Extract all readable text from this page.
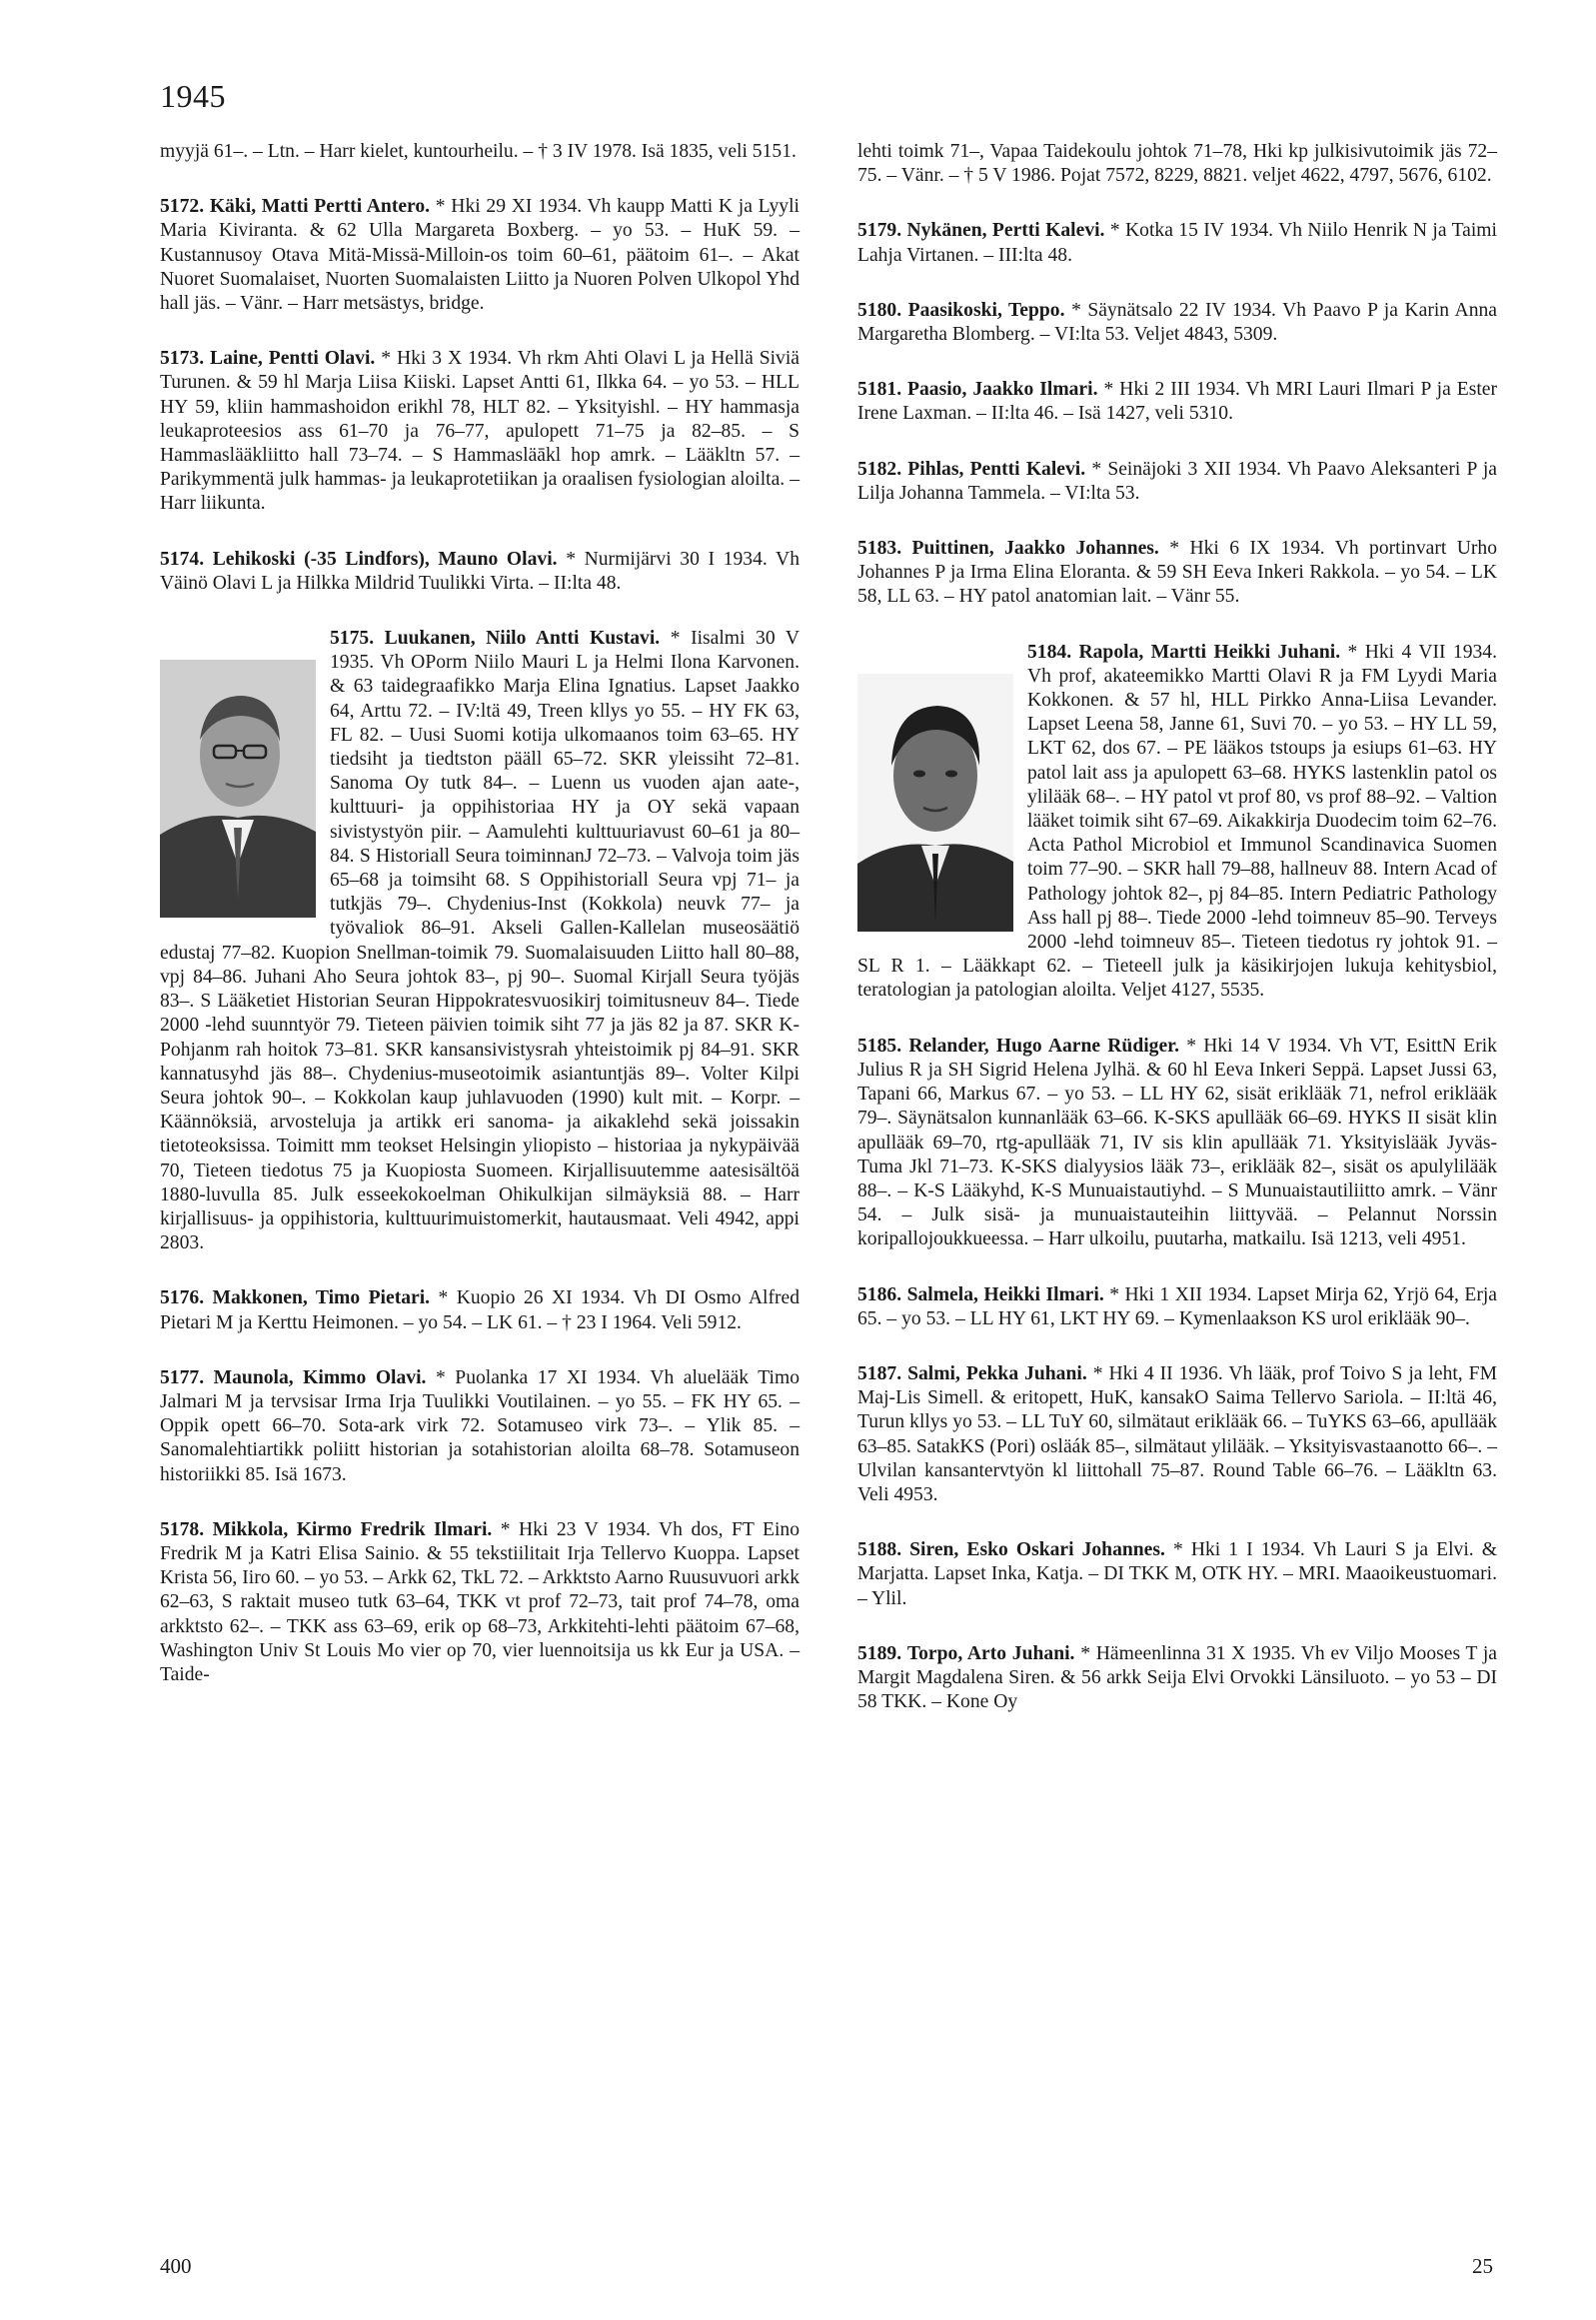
1945

myyjä 61–. – Ltn. – Harr kielet, kuntourheilu. – † 3 IV 1978. Isä 1835, veli 5151.

5172. Käki, Matti Pertti Antero. * Hki 29 XI 1934. Vh kaupp Matti K ja Lyyli Maria Kiviranta. & 62 Ulla Margareta Boxberg. – yo 53. – HuK 59. – Kustannusoy Otava Mitä-Missä-Milloin-os toim 60–61, päätoim 61–. – Akat Nuoret Suomalaiset, Nuorten Suomalaisten Liitto ja Nuoren Polven Ulkopol Yhd hall jäs. – Vänr. – Harr metsästys, bridge.

5173. Laine, Pentti Olavi. * Hki 3 X 1934. Vh rkm Ahti Olavi L ja Hellä Siviä Turunen. & 59 hl Marja Liisa Kiiski. Lapset Antti 61, Ilkka 64. – yo 53. – HLL HY 59, kliin hammashoidon erikhl 78, HLT 82. – Yksityishl. – HY hammasja leukaproteesios ass 61–70 ja 76–77, apulopett 71–75 ja 82–85. – S Hammaslääkliitto hall 73–74. – S Hammasläākl hop amrk. – Lääkltn 57. – Parikymmentä julk hammas- ja leukaprotetiikan ja oraalisen fysiologian aloilta. – Harr liikunta.

5174. Lehikoski (-35 Lindfors), Mauno Olavi. * Nurmijärvi 30 I 1934. Vh Väinö Olavi L ja Hilkka Mildrid Tuulikki Virta. – II:lta 48.

5175. Luukanen, Niilo Antti Kustavi. * Iisalmi 30 V 1935. Vh OPorm Niilo Mauri L ja Helmi Ilona Karvonen. & 63 taidegraafikko Marja Elina Ignatius. Lapset Jaakko 64, Arttu 72. – IV:ltä 49, Treen kllys yo 55. – HY FK 63, FL 82. – Uusi Suomi kotija ulkomaanos toim 63–65. HY tiedsiht ja tiedtston pääll 65–72. SKR yleissiht 72–81. Sanoma Oy tutk 84–. – Luenn us vuoden ajan aate-, kulttuuri- ja oppihistoriaa HY ja OY sekä vapaan sivistystyön piir. – Aamulehti kulttuuriavust 60–61 ja 80–84. S Historiall Seura toiminnanJ 72–73. – Valvoja toim jäs 65–68 ja toimsiht 68. S Oppihistoriall Seura vpj 71– ja tutkjäs 79–. Chydenius-Inst (Kokkola) neuvk 77– ja työvaliok 86–91. Akseli Gallen-Kallelan museosäätiö edustaj 77–82. Kuopion Snellman-toimik 79. Suomalaisuuden Liitto hall 80–88, vpj 84–86. Juhani Aho Seura johtok 83–, pj 90–. Suomal Kirjall Seura työjäs 83–. S Lääketiet Historian Seuran Hippokratesvuosikirj toimitusneuv 84–. Tiede 2000 -lehd suunntyör 79. Tieteen päivien toimik siht 77 ja jäs 82 ja 87. SKR K-Pohjanm rah hoitok 73–81. SKR kansansivistysrah yhteistoimik pj 84–91. SKR kannatusyhd jäs 88–. Chydenius-museotoimik asiantuntjäs 89–. Volter Kilpi Seura johtok 90–. – Kokkolan kaup juhlavuoden (1990) kult mit. – Korpr. – Käännöksiä, arvosteluja ja artikk eri sanoma- ja aikaklehd sekä joissakin tietoteoksissa. Toimitt mm teokset Helsingin yliopisto – historiaa ja nykypäivää 70, Tieteen tiedotus 75 ja Kuopiosta Suomeen. Kirjallisuutemme aatesisältöä 1880-luvulla 85. Julk esseekokoelman Ohikulkijan silmäyksiä 88. – Harr kirjallisuus- ja oppihistoria, kulttuurimuistomerkit, hautausmaat. Veli 4942, appi 2803.

5176. Makkonen, Timo Pietari. * Kuopio 26 XI 1934. Vh DI Osmo Alfred Pietari M ja Kerttu Heimonen. – yo 54. – LK 61. – † 23 I 1964. Veli 5912.

5177. Maunola, Kimmo Olavi. * Puolanka 17 XI 1934. Vh aluelääk Timo Jalmari M ja tervsisar Irma Irja Tuulikki Voutilainen. – yo 55. – FK HY 65. – Oppik opett 66–70. Sota-ark virk 72. Sotamuseo virk 73–. – Ylik 85. – Sanomalehtiartikk poliitt historian ja sotahistorian aloilta 68–78. Sotamuseon historiikki 85. Isä 1673.

5178. Mikkola, Kirmo Fredrik Ilmari. * Hki 23 V 1934. Vh dos, FT Eino Fredrik M ja Katri Elisa Sainio. & 55 tekstiilitait Irja Tellervo Kuoppa. Lapset Krista 56, Iiro 60. – yo 53. – Arkk 62, TkL 72. – Arkktsto Aarno Ruusuvuori arkk 62–63, S raktait museo tutk 63–64, TKK vt prof 72–73, tait prof 74–78, oma arkktsto 62–. – TKK ass 63–69, erik op 68–73, Arkkitehti-lehti päätoim 67–68, Washington Univ St Louis Mo vier op 70, vier luennoitsija us kk Eur ja USA. – Taide-

lehti toimk 71–, Vapaa Taidekoulu johtok 71–78, Hki kp julkisivutoimik jäs 72–75. – Vänr. – † 5 V 1986. Pojat 7572, 8229, 8821. veljet 4622, 4797, 5676, 6102.

5179. Nykänen, Pertti Kalevi. * Kotka 15 IV 1934. Vh Niilo Henrik N ja Taimi Lahja Virtanen. – III:lta 48.

5180. Paasikoski, Teppo. * Säynätsalo 22 IV 1934. Vh Paavo P ja Karin Anna Margaretha Blomberg. – VI:lta 53. Veljet 4843, 5309.

5181. Paasio, Jaakko Ilmari. * Hki 2 III 1934. Vh MRI Lauri Ilmari P ja Ester Irene Laxman. – II:lta 46. – Isä 1427, veli 5310.

5182. Pihlas, Pentti Kalevi. * Seinäjoki 3 XII 1934. Vh Paavo Aleksanteri P ja Lilja Johanna Tammela. – VI:lta 53.

5183. Puittinen, Jaakko Johannes. * Hki 6 IX 1934. Vh portinvart Urho Johannes P ja Irma Elina Eloranta. & 59 SH Eeva Inkeri Rakkola. – yo 54. – LK 58, LL 63. – HY patol anatomian lait. – Vänr 55.

5184. Rapola, Martti Heikki Juhani. * Hki 4 VII 1934. Vh prof, akateemikko Martti Olavi R ja FM Lyydi Maria Kokkonen. & 57 hl, HLL Pirkko Anna-Liisa Levander. Lapset Leena 58, Janne 61, Suvi 70. – yo 53. – HY LL 59, LKT 62, dos 67. – PE lääkos tstoups ja esiups 61–63. HY patol lait ass ja apulopett 63–68. HYKS lastenklin patol os ylilääk 68–. – HY patol vt prof 80, vs prof 88–92. – Valtion lääket toimik siht 67–69. Aikakkirja Duodecim toim 62–76. Acta Pathol Microbiol et Immunol Scandinavica Suomen toim 77–90. – SKR hall 79–88, hallneuv 88. Intern Acad of Pathology johtok 82–, pj 84–85. Intern Pediatric Pathology Ass hall pj 88–. Tiede 2000 -lehd toimneuv 85–90. Terveys 2000 -lehd toimneuv 85–. Tieteen tiedotus ry johtok 91. – SL R 1. – Lääkkapt 62. – Tieteell julk ja käsikirjojen lukuja kehitysbiol, teratologian ja patologian aloilta. Veljet 4127, 5535.

5185. Relander, Hugo Aarne Rüdiger. * Hki 14 V 1934. Vh VT, EsittN Erik Julius R ja SH Sigrid Helena Jylhä. & 60 hl Eeva Inkeri Seppä. Lapset Jussi 63, Tapani 66, Markus 67. – yo 53. – LL HY 62, sisät eriklääk 71, nefrol eriklääk 79–. Säynätsalon kunnanlääk 63–66. K-SKS apullääk 66–69. HYKS II sisät klin apullääk 69–70, rtg-apullääk 71, IV sis klin apullääk 71. Yksityislääk Jyväs-Tuma Jkl 71–73. K-SKS dialyysios lääk 73–, eriklääk 82–, sisät os apulylilääk 88–. – K-S Lääkyhd, K-S Munuaistautiyhd. – S Munuaistautiliitto amrk. – Vänr 54. – Julk sisä- ja munuaistauteihin liittyvää. – Pelannut Norssin koripallojoukkueessa. – Harr ulkoilu, puutarha, matkailu. Isä 1213, veli 4951.

5186. Salmela, Heikki Ilmari. * Hki 1 XII 1934. Lapset Mirja 62, Yrjö 64, Erja 65. – yo 53. – LL HY 61, LKT HY 69. – Kymenlaakson KS urol eriklääk 90–.

5187. Salmi, Pekka Juhani. * Hki 4 II 1936. Vh lääk, prof Toivo S ja leht, FM Maj-Lis Simell. & eritopett, HuK, kansakO Saima Tellervo Sariola. – II:ltä 46, Turun kllys yo 53. – LL TuY 60, silmätaut eriklääk 66. – TuYKS 63–66, apullääk 63–85. SatakKS (Pori) osläák 85–, silmätaut ylilääk. – Yksityisvastaanotto 66–. – Ulvilan kansantervtyön kl liittohall 75–87. Round Table 66–76. – Lääkltn 63. Veli 4953.

5188. Siren, Esko Oskari Johannes. * Hki 1 I 1934. Vh Lauri S ja Elvi. & Marjatta. Lapset Inka, Katja. – DI TKK M, OTK HY. – MRI. Maaoikeustuomari. – Ylil.

5189. Torpo, Arto Juhani. * Hämeenlinna 31 X 1935. Vh ev Viljo Mooses T ja Margit Magdalena Siren. & 56 arkk Seija Elvi Orvokki Länsiluoto. – yo 53 – DI 58 TKK. – Kone Oy

400	25
